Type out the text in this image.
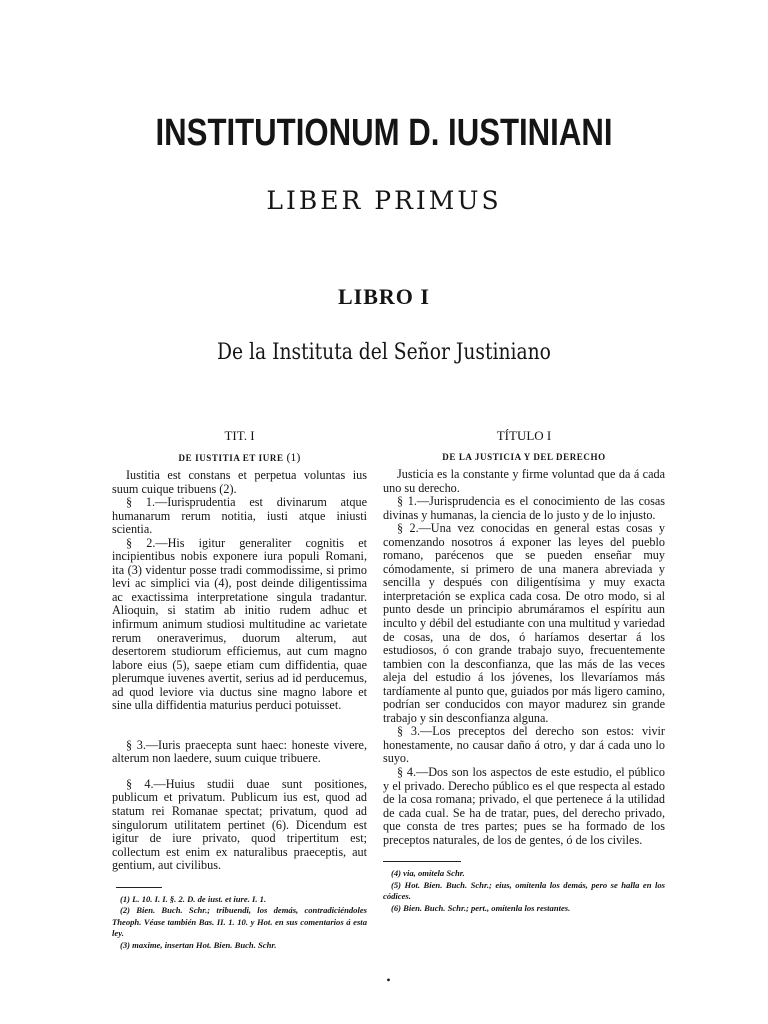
INSTITUTIONUM D. IUSTINIANI
LIBER PRIMUS
LIBRO I
De la Instituta del Señor Justiniano
TIT. I
DE IUSTITIA ET IURE (1)

Iustitia est constans et perpetua voluntas ius suum cuique tribuens (2).

§ 1.—Iurisprudentia est divinarum atque humanarum rerum notitia, iusti atque iniusti scientia.

§ 2.—His igitur generaliter cognitis et incipientibus nobis exponere iura populi Romani, ita (3) videntur posse tradi commodissime, si primo levi ac simplici via (4), post deinde diligentissima ac exactissima interpretatione singula tradantur. Alioquin, si statim ab initio rudem adhuc et infirmum animum studiosi multitudine ac varietate rerum oneraverimus, duorum alterum, aut desertorem studiorum efficiemus, aut cum magno labore eius (5), saepe etiam cum diffidentia, quae plerumque iuvenes avertit, serius ad id perducemus, ad quod leviore via ductus sine magno labore et sine ulla diffidentia maturius perduci potuisset.

§ 3.—Iuris praecepta sunt haec: honeste vivere, alterum non laedere, suum cuique tribuere.

§ 4.—Huius studii duae sunt positiones, publicum et privatum. Publicum ius est, quod ad statum rei Romanae spectat; privatum, quod ad singulorum utilitatem pertinet (6). Dicendum est igitur de iure privato, quod tripertitum est; collectum est enim ex naturalibus praeceptis, aut gentium, aut civilibus.

(1) L. 10. I. I. §. 2. D. de iust. et iure. I. 1.

(2) Bien. Buch. Schr.; tribuendi, los demás, contradiciéndoles Theoph. Véase también Bas. II. 1. 10. y Hot. en sus comentarios á esta ley.

(3) maxime, insertan Hot. Bien. Buch. Schr.

TÍTULO I
DE LA JUSTICIA Y DEL DERECHO

Justicia es la constante y firme voluntad que da á cada uno su derecho.

§ 1.—Jurisprudencia es el conocimiento de las cosas divinas y humanas, la ciencia de lo justo y de lo injusto.

§ 2.—Una vez conocidas en general estas cosas y comenzando nosotros á exponer las leyes del pueblo romano, parécenos que se pueden enseñar muy cómodamente, si primero de una manera abreviada y sencilla y después con diligentísima y muy exacta interpretación se explica cada cosa. De otro modo, si al punto desde un principio abrumáramos el espíritu aun inculto y débil del estudiante con una multitud y variedad de cosas, una de dos, ó haríamos desertar á los estudiosos, ó con grande trabajo suyo, frecuentemente tambien con la desconfianza, que las más de las veces aleja del estudio á los jóvenes, los llevaríamos más tardíamente al punto que, guiados por más ligero camino, podrían ser conducidos con mayor madurez sin grande trabajo y sin desconfianza alguna.

§ 3.—Los preceptos del derecho son estos: vivir honestamente, no causar daño á otro, y dar á cada uno lo suyo.

§ 4.—Dos son los aspectos de este estudio, el público y el privado. Derecho público es el que respecta al estado de la cosa romana; privado, el que pertenece á la utilidad de cada cual. Se ha de tratar, pues, del derecho privado, que consta de tres partes; pues se ha formado de los preceptos naturales, de los de gentes, ó de los civiles.

(4) via, omítela Schr.

(5) Hot. Bien. Buch. Schr.; eius, omítenla los demás, pero se halla en los códices.

(6) Bien. Buch. Schr.; pert., omítenla los restantes.

•
